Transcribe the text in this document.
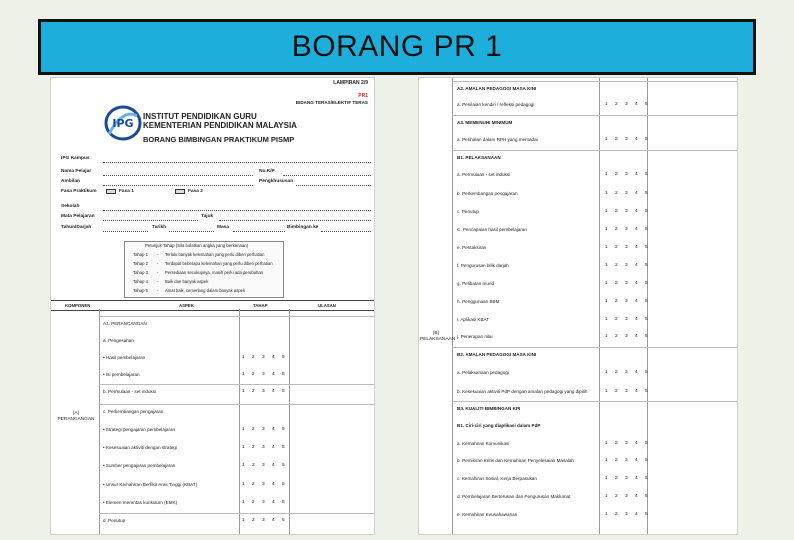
BORANG PR 1
LAMPIRAN 2/9
PR1
BIDANG TERAS/ELEKTIF TERAS
IPG
INSTITUT PENDIDIKAN GURU
KEMENTERIAN PENDIDIKAN MALAYSIA
BORANG BIMBINGAN PRAKTIKUM PISMP
IPG Kampus
Nama Pelajar	No.K/P
Ambilan	Pengkhususan
Fasa Praktikum	Fasa 1	Fasa 2
Sekolah
Mata Pelajaran	Tajuk
Tahun/Darjah	Tarikh	Masa	Bimbingan ke
Petunjuk Tahap (Sila bulatkan angka yang berkenaan)
Tahap 1 - Terlalu banyak kelemahan yang perlu diberi perhatian
Tahap 2 - Terdapat beberapa kelemahan yang perlu diberi perhatian
Tahap 3 - Persediaan secukupnya, masih perlu ada perubahan
Tahap 4 - Baik dan banyak aspek
Tahap 5 - Amat baik, cemerlang dalam banyak aspek
KOMPONEN	ASPEK	TAHAP	ULASAN
(A) PERANCANGAN
A1. PERANCANGAN
a. Pengesahan
• Hasil pembelajaran	1 2 3 4 5
• Isi pembelajaran	1 2 3 4 5
b. Permulaan - set induksi	1 2 3 4 5
c. Perkembangan pengajaran
• Strategi pengajaran pembelajaran	1 2 3 4 5
• Kesesuaian aktiviti dengan strategi	1 2 3 4 5
• Sumber pengajaran pembelajaran	1 2 3 4 5
• Unsur Kemahiran Berfikir Aras Tinggi (KBAT)	1 2 3 4 5
• Elemen merentas kurikulum (EMK)	1 2 3 4 5
d. Penutup	1 2 3 4 5
(B) PELAKSANAAN
A2. AMALAN PEDAGOGI MASA KINI
a. Penilaian kendiri / refleksi pedagogi	1 2 3 4 5
A3. MEMENUHI MINIMUM
a. Perihalan dalam RPH yang memadai	1 2 3 4 5
B1. PELAKSANAAN
a. Permulaan - set induksi	1 2 3 4 5
b. Perkembangan pengajaran	1 2 3 4 5
c. Penutup	1 2 3 4 5
C. Pencapaian hasil pembelajaran	1 2 3 4 5
e. Pentaksiran	1 2 3 4 5
f. Pengurusan bilik darjah	1 2 3 4 5
g. Pelibatan murid	1 2 3 4 5
h. Penggunaan BBM	1 2 3 4 5
i. Aplikasi KBAT	1 2 3 4 5
j. Penerapan nilai	1 2 3 4 5
B2. AMALAN PEDAGOGI MASA KINI
a. Pelaksanaan pedagogi	1 2 3 4 5
b. Kesesuaian aktiviti PdP dengan amalan pedagogi yang dipilih	1 2 3 4 5
B3. KUALITI BIMBINGAN KPI
B1. Ciri-ciri yang diaplikasi dalam PdP
a. Kemahiran Komunikasi	1 2 3 4 5
b. Pemikiran Kritis dan Kemahiran Penyelesaian Masalah	1 2 3 4 5
c. Kemahiran Sosial, Kerja Berpasukan	1 2 3 4 5
d. Pembelajaran Berterusan dan Pengurusan Maklumat	1 2 3 4 5
e. Kemahiran Keusahawanan	1 2 3 4 5
